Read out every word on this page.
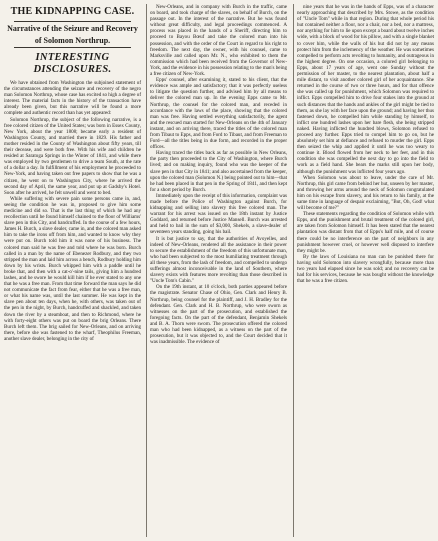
THE KIDNAPPING CASE.
Narrative of the Seizure and Recovery
of Solomon Northrup.
INTERESTING DISCLOSURES.

We have obtained from Washington the subjoined statement of the circumstances attending the seizure and recovery of the negro man Solomon Northrup, whose case has excited so high a degree of interest. The material facts in the history of the transaction have already been given, but this narrative will be found a more complete and authentic record than has yet appeared:

Solomon Northrup, the subject of the following narrative, is a free colored citizen of the United States; was born in Essex County, New York, about the year 1808; became early a resident of Washington County, and married there in 1829. His father and mother resided in the County of Washington about fifty years, till their decease, and were both free. With his wife and children he resided at Saratoga Springs in the Winter of 1841, and while there was employed by two gentlemen to drive a team South, at the rate of a dollar a day. In fulfillment of his employment he proceeded to New-York, and having taken out free papers to show that he was a citizen, he went on to Washington City, where he arrived the second day of April, the same year, and put up at Gadsby's Hotel. Soon after he arrived, he felt unwell and went to bed.

While suffering with severe pain some persons came in, and, seeing the condition he was in, proposed to give him some medicine and did so. That is the last thing of which he had any recollection until he found himself chained to the floor of Williams' slave pen in this City, and handcuffed. In the course of a few hours, James H. Burch, a slave dealer, came in, and the colored man asked him to take the irons off from him, and wanted to know why they were put on. Burch told him it was none of his business. The colored man said he was free and told where he was born. Burch called in a man by the name of Ebenezer Rodbury, and they two stripped the man and laid him across a bench, Rodbury holding him down by his wrists. Burch whipped him with a paddle until he broke that, and then with a cat-o'-nine tails, giving him a hundred lashes, and he swore he would kill him if he ever stated to any one that he was a free man. From that time forward the man says he did not communicate the fact from fear, either that he was a free man, or what his name was, until the last summer. He was kept in the slave pen about ten days, when he, with others, was taken out of the pen in the night, by Burch, handcuffed and shackled, and taken down the river by a steamboat, and then to Richmond, where he with forty-eight others was put on board the brig Orleans. There Burch left them. The brig sailed for New-Orleans, and on arriving there, before she was fastened to the wharf, Theophilus Freeman, another slave dealer, belonging in the city of

New-Orleans, and in company with Burch in the traffic, came on board, and took charge of the slaves, on behalf of Burch, on the passage out. In the interest of the narrative. But he was found without great difficulty, and legal proceedings commenced. A process was placed in the hands of a Sheriff, directing him to proceed to Bayou Bœuf and take the colored man into his possession, and with the order of the Court in regard to his right to freedom. The next day, the owner, with his counsel, came to Marksville and called upon Mr. N., who exhibited to them the commission which had been received from the Governor of New-York, and the evidence in his possession relating to the man's being a free citizen of New-York.

Epps' counsel, after examining it, stated to his client, that the evidence was ample and satisfactory; that it was perfectly useless to litigate the question further, and advised him by all means to deliver the colored man up. In the evening Epps came to Mr. Northrup, the counsel for the colored man, and receded in accordance with the laws of the place, showing that the colored man was free. Having settled everything satisfactorily, the agent and the rescued man started for New-Orleans on the 4th of January instant, and on arriving there, traced the titles of the colored man from Tibaut to Epps, and from Ford to Tibaut, and from Freeman to Ford—all the titles being in due form, and recorded in the proper offices.

Having traced the titles back as far as possible in New Orleans, the party then proceeded to the City of Washington, where Burch lived; and on making inquiry, found who was the keeper of the slave pen in that City in 1841; and also ascertained from the keeper, upon the colored man (Solomon N.) being pointed out to him—that he had been placed in that pen in the Spring of 1841, and then kept for a short period by Burch.

Immediately upon the receipt of this information, complaint was made before the Police of Washington against Burch, for kidnapping and selling into slavery this free colored man. The warrant for his arrest was issued on the 18th instant by Justice Goddard, and returned before Justice Mansell. Burch was arrested and held to bail in the sum of $3,000, Shekels, a slave-dealer of seventeen years standing, going his bail.

It is but justice to say, that the authorities of Avoyelles, and indeed of New-Orleans, rendered all the assistance in their power to secure the establishment of the freedom of this unfortunate man, who had been subjected to the most humiliating treatment through all these years, from the lash of freedom, and compelled to undergo sufferings almost inconceivable in the land of Southern, where slavery exists with features more revolting than those described in "Uncle Tom's Cabin."

On the 19th instant, at 10 o'clock, both parties appeared before the magistrate. Senator Chase of Ohio, Gen. Clark and Henry B. Northrup, being counsel for the plaintiff, and J. H. Bradley for the defendant. Gen. Clark and H. B. Northrup, who were sworn as witnesses on the part of the prosecution, and established the foregoing facts. On the part of the defendant, Benjamin Shekels and B. A. Thorn were sworn. The prosecution offered the colored man who had been kidnapped, as a witness on the part of the prosecution, but it was objected to, and the Court decided that it was inadmissible. The evidence of

nine years that he was in the hands of Epps, was of a character nearly approaching that described by Mrs. Stowe, as the condition of "Uncle Tom" while in that region. During that whole period his hut contained neither a floor, nor a chair, nor a bed, nor a mattress, nor anything for him to lie upon except a board about twelve inches wide, with a block of wood for his pillow, and with a single blanket to cover him, while the walls of his hut did not by any means protect him from the inclemency of the weather. He was sometimes compelled to perform acts revolting to humanity, and outrageous in the highest degree. On one occasion, a colored girl belonging to Epps, about 17 years of age, went one Sunday without the permission of her master, to the nearest plantation, about half a mile distant, to visit another colored girl of her acquaintance. She returned in the course of two or three hours, and for that offence she was called up for punishment, which Solomon was required to inflict. Epps compelled him to drive four stakes into the ground at such distances that the hands and ankles of the girl might be tied to them, as she lay with her face upon the ground; and having her thus fastened down, he compelled him while standing by himself, to inflict one hundred lashes upon her bare flesh, she being stripped naked. Having inflicted the hundred blows, Solomon refused to proceed any further. Epps tried to compel him to go on, but he absolutely set him at defiance and refused to murder the girl. Epps then seized the whip and applied it until he was too weary to continue it. Blood flowed from her neck to her feet, and in this condition she was compelled the next day to go into the field to work as a field hand. She bears the marks still upon her body, although the punishment was inflicted four years ago.

When Solomon was about to leave, under the care of Mr. Northrup, this girl came from behind her hut, unseen by her master, and throwing her arms around the neck of Solomon congratulated him on his escape from slavery, and his return to his family, at the same time in language of despair exclaiming, "But, Oh, God! what will become of me?"

These statements regarding the condition of Solomon while with Epps, and the punishment and brutal treatment of the colored girl, are taken from Solomon himself. It has been stated that the nearest plantation was distant from that of Epps's half mile, and of course there could be no interference on the part of neighbors in any punishment however cruel, or however well disposed to interfere they might be.

By the laws of Louisiana no man can be punished there for having sold Solomon into slavery wrongfully, because more than two years had elapsed since he was sold; and no recovery can be had for his services, because he was bought without the knowledge that he was a free citizen.
